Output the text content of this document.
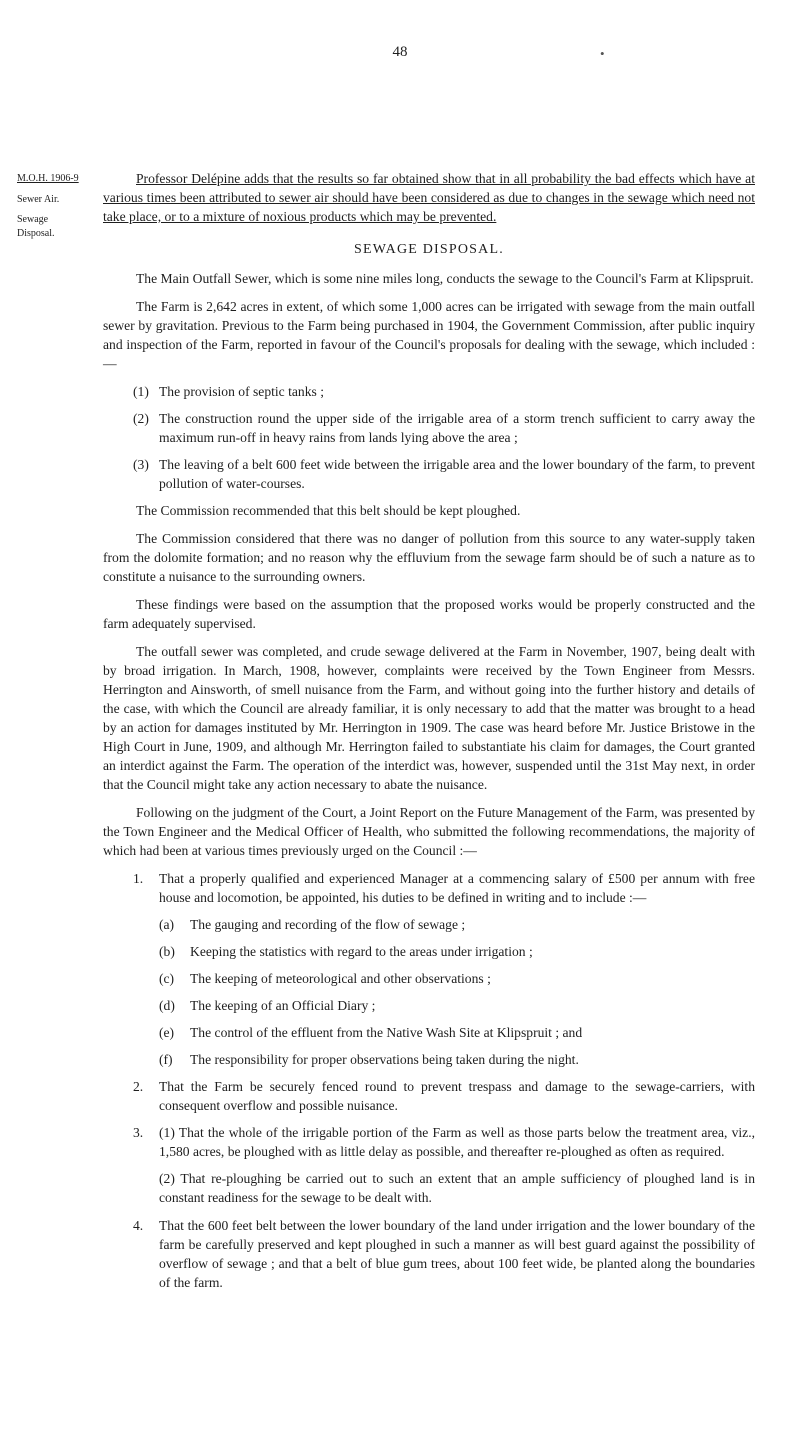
48	•
M.O.H. 1906-9
Sewer Air.
Sewage
Disposal.

Professor Delépine adds that the results so far obtained show that in all probability the bad effects which have at various times been attributed to sewer air should have been considered as due to changes in the sewage which need not take place, or to a mixture of noxious products which may be prevented.

SEWAGE DISPOSAL.

The Main Outfall Sewer, which is some nine miles long, conducts the sewage to the Council's Farm at Klipspruit.

The Farm is 2,642 acres in extent, of which some 1,000 acres can be irrigated with sewage from the main outfall sewer by gravitation. Previous to the Farm being purchased in 1904, the Government Commission, after public inquiry and inspection of the Farm, reported in favour of the Council's proposals for dealing with the sewage, which included :—

(1) The provision of septic tanks ;
(2) The construction round the upper side of the irrigable area of a storm trench sufficient to carry away the maximum run-off in heavy rains from lands lying above the area ;
(3) The leaving of a belt 600 feet wide between the irrigable area and the lower boundary of the farm, to prevent pollution of water-courses.

The Commission recommended that this belt should be kept ploughed.

The Commission considered that there was no danger of pollution from this source to any water-supply taken from the dolomite formation; and no reason why the effluvium from the sewage farm should be of such a nature as to constitute a nuisance to the surrounding owners.

These findings were based on the assumption that the proposed works would be properly constructed and the farm adequately supervised.

The outfall sewer was completed, and crude sewage delivered at the Farm in November, 1907, being dealt with by broad irrigation. In March, 1908, however, complaints were received by the Town Engineer from Messrs. Herrington and Ainsworth, of smell nuisance from the Farm, and without going into the further history and details of the case, with which the Council are already familiar, it is only necessary to add that the matter was brought to a head by an action for damages instituted by Mr. Herrington in 1909. The case was heard before Mr. Justice Bristowe in the High Court in June, 1909, and although Mr. Herrington failed to substantiate his claim for damages, the Court granted an interdict against the Farm. The operation of the interdict was, however, suspended until the 31st May next, in order that the Council might take any action necessary to abate the nuisance.

Following on the judgment of the Court, a Joint Report on the Future Management of the Farm, was presented by the Town Engineer and the Medical Officer of Health, who submitted the following recommendations, the majority of which had been at various times previously urged on the Council :—

1.	That a properly qualified and experienced Manager at a commencing salary of £500 per annum with free house and locomotion, be appointed, his duties to be defined in writing and to include :—
(a)	The gauging and recording of the flow of sewage ;
(b)	Keeping the statistics with regard to the areas under irrigation ;
(c)	The keeping of meteorological and other observations ;
(d)	The keeping of an Official Diary ;
(e)	The control of the effluent from the Native Wash Site at Klipspruit ; and
(f)	The responsibility for proper observations being taken during the night.
2.	That the Farm be securely fenced round to prevent trespass and damage to the sewage-carriers, with consequent overflow and possible nuisance.
3.	(1) That the whole of the irrigable portion of the Farm as well as those parts below the treatment area, viz., 1,580 acres, be ploughed with as little delay as possible, and thereafter re-ploughed as often as required.

(2) That re-ploughing be carried out to such an extent that an ample sufficiency of ploughed land is in constant readiness for the sewage to be dealt with.

4.	That the 600 feet belt between the lower boundary of the land under irrigation and the lower boundary of the farm be carefully preserved and kept ploughed in such a manner as will best guard against the possibility of overflow of sewage ; and that a belt of blue gum trees, about 100 feet wide, be planted along the boundaries of the farm.
